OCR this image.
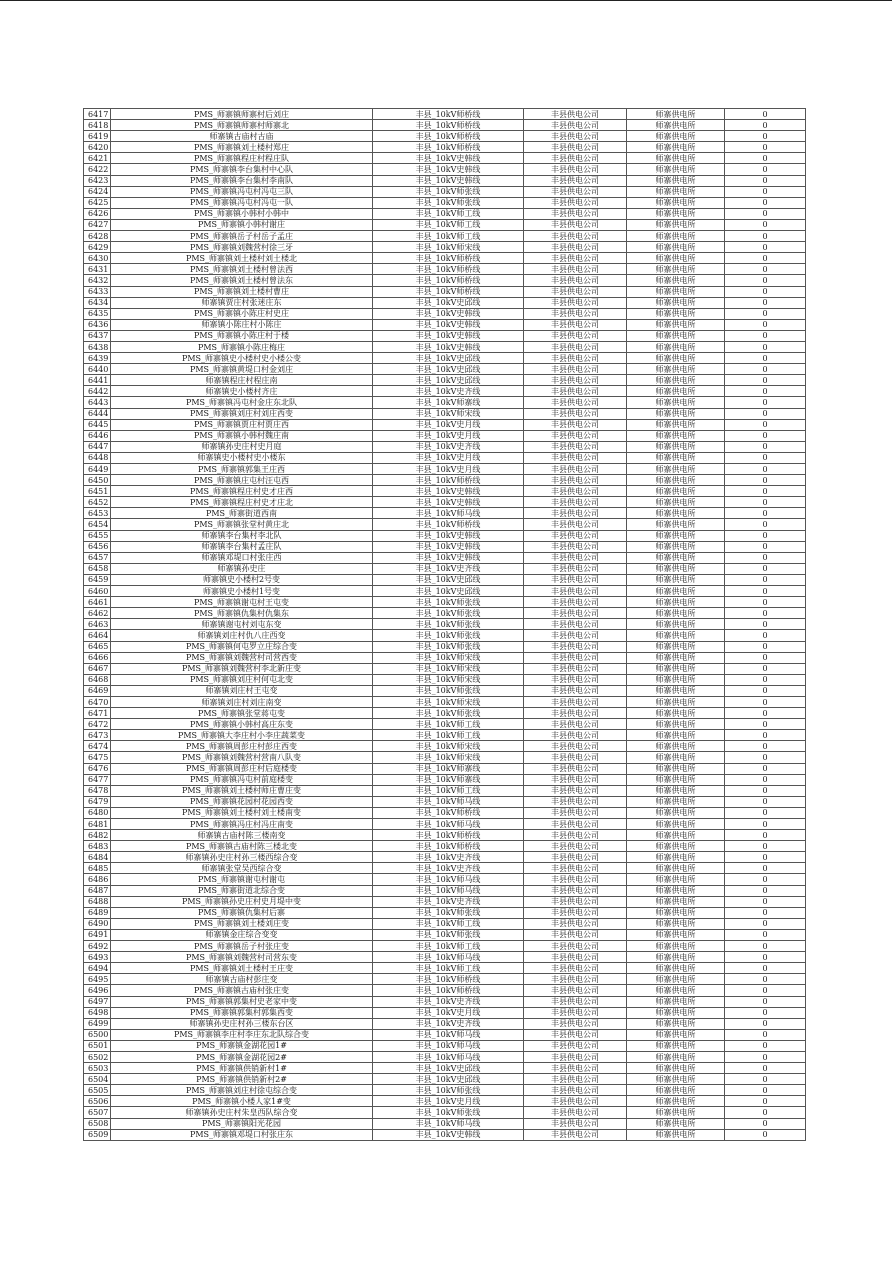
6417	PMS_师寨镇师寨村后刘庄	丰县_10kV师桥线	丰县供电公司	师寨供电所	0
6418	PMS_师寨镇师寨村师寨北	丰县_10kV师桥线	丰县供电公司	师寨供电所	0
6419	师寨镇古庙村古庙	丰县_10kV师桥线	丰县供电公司	师寨供电所	0
6420	PMS_师寨镇刘土楼村郑庄	丰县_10kV师桥线	丰县供电公司	师寨供电所	0
6421	PMS_师寨镇程庄村程庄队	丰县_10kV史韩线	丰县供电公司	师寨供电所	0
6422	PMS_师寨镇李台集村中心队	丰县_10kV史韩线	丰县供电公司	师寨供电所	0
6423	PMS_师寨镇李台集村李南队	丰县_10kV史韩线	丰县供电公司	师寨供电所	0
6424	PMS_师寨镇冯屯村冯屯三队	丰县_10kV师张线	丰县供电公司	师寨供电所	0
6425	PMS_师寨镇冯屯村冯屯一队	丰县_10kV师张线	丰县供电公司	师寨供电所	0
6426	PMS_师寨镇小韩村小韩中	丰县_10kV师工线	丰县供电公司	师寨供电所	0
6427	PMS_师寨镇小韩村谢庄	丰县_10kV师工线	丰县供电公司	师寨供电所	0
6428	PMS_师寨镇岳子村岳子孟庄	丰县_10kV师工线	丰县供电公司	师寨供电所	0
6429	PMS_师寨镇刘魏营村徐三牙	丰县_10kV师宋线	丰县供电公司	师寨供电所	0
6430	PMS_师寨镇刘土楼村刘土楼北	丰县_10kV师桥线	丰县供电公司	师寨供电所	0
6431	PMS_师寨镇刘土楼村曾法西	丰县_10kV师桥线	丰县供电公司	师寨供电所	0
6432	PMS_师寨镇刘土楼村曾法东	丰县_10kV师桥线	丰县供电公司	师寨供电所	0
6433	PMS_师寨镇刘土楼村曹庄	丰县_10kV师桥线	丰县供电公司	师寨供电所	0
6434	师寨镇贾庄村张迷庄东	丰县_10kV史邱线	丰县供电公司	师寨供电所	0
6435	PMS_师寨镇小陈庄村史庄	丰县_10kV史韩线	丰县供电公司	师寨供电所	0
6436	师寨镇小陈庄村小陈庄	丰县_10kV史韩线	丰县供电公司	师寨供电所	0
6437	PMS_师寨镇小陈庄村于楼	丰县_10kV史韩线	丰县供电公司	师寨供电所	0
6438	PMS_师寨镇小陈庄梅庄	丰县_10kV史韩线	丰县供电公司	师寨供电所	0
6439	PMS_师寨镇史小楼村史小楼公变	丰县_10kV史邱线	丰县供电公司	师寨供电所	0
6440	PMS_师寨镇黄堤口村金刘庄	丰县_10kV史邱线	丰县供电公司	师寨供电所	0
6441	师寨镇程庄村程庄南	丰县_10kV史邱线	丰县供电公司	师寨供电所	0
6442	师寨镇史小楼村齐庄	丰县_10kV史齐线	丰县供电公司	师寨供电所	0
6443	PMS_师寨镇冯屯村金庄东北队	丰县_10kV师寨线	丰县供电公司	师寨供电所	0
6444	PMS_师寨镇刘庄村刘庄西变	丰县_10kV师宋线	丰县供电公司	师寨供电所	0
6445	PMS_师寨镇贾庄村贾庄西	丰县_10kV史月线	丰县供电公司	师寨供电所	0
6446	PMS_师寨镇小韩村魏庄南	丰县_10kV史月线	丰县供电公司	师寨供电所	0
6447	师寨镇孙史庄村史月庭	丰县_10kV史齐线	丰县供电公司	师寨供电所	0
6448	师寨镇史小楼村史小楼东	丰县_10kV史月线	丰县供电公司	师寨供电所	0
6449	PMS_师寨镇郭集王庄西	丰县_10kV史月线	丰县供电公司	师寨供电所	0
6450	PMS_师寨镇庄屯村汪屯西	丰县_10kV师桥线	丰县供电公司	师寨供电所	0
6451	PMS_师寨镇程庄村史才庄西	丰县_10kV史韩线	丰县供电公司	师寨供电所	0
6452	PMS_师寨镇程庄村史才庄北	丰县_10kV史韩线	丰县供电公司	师寨供电所	0
6453	PMS_师寨街道西南	丰县_10kV师马线	丰县供电公司	师寨供电所	0
6454	PMS_师寨镇张堂村黄庄北	丰县_10kV师桥线	丰县供电公司	师寨供电所	0
6455	师寨镇李台集村李北队	丰县_10kV史韩线	丰县供电公司	师寨供电所	0
6456	师寨镇李台集村孟庄队	丰县_10kV史韩线	丰县供电公司	师寨供电所	0
6457	师寨镇邓堤口村张庄西	丰县_10kV史韩线	丰县供电公司	师寨供电所	0
6458	师寨镇孙史庄	丰县_10kV史齐线	丰县供电公司	师寨供电所	0
6459	师寨镇史小楼村2号变	丰县_10kV史邱线	丰县供电公司	师寨供电所	0
6460	师寨镇史小楼村1号变	丰县_10kV史邱线	丰县供电公司	师寨供电所	0
6461	PMS_师寨镇谢屯村王屯变	丰县_10kV师张线	丰县供电公司	师寨供电所	0
6462	PMS_师寨镇仇集村仇集东	丰县_10kV师张线	丰县供电公司	师寨供电所	0
6463	师寨镇谢屯村刘屯东变	丰县_10kV师张线	丰县供电公司	师寨供电所	0
6464	师寨镇刘庄村仇八庄西变	丰县_10kV师张线	丰县供电公司	师寨供电所	0
6465	PMS_师寨镇何屯罗立庄综合变	丰县_10kV师张线	丰县供电公司	师寨供电所	0
6466	PMS_师寨镇刘魏营村司营西变	丰县_10kV师宋线	丰县供电公司	师寨供电所	0
6467	PMS_师寨镇刘魏营村李北新庄变	丰县_10kV师宋线	丰县供电公司	师寨供电所	0
6468	PMS_师寨镇刘庄村何屯北变	丰县_10kV师宋线	丰县供电公司	师寨供电所	0
6469	师寨镇刘庄村王屯变	丰县_10kV师张线	丰县供电公司	师寨供电所	0
6470	师寨镇刘庄村刘庄南变	丰县_10kV师宋线	丰县供电公司	师寨供电所	0
6471	PMS_师寨镇张堂蒋屯变	丰县_10kV师张线	丰县供电公司	师寨供电所	0
6472	PMS_师寨镇小韩村高庄东变	丰县_10kV师工线	丰县供电公司	师寨供电所	0
6473	PMS_师寨镇大李庄村小李庄蔬菜变	丰县_10kV师工线	丰县供电公司	师寨供电所	0
6474	PMS_师寨镇周彭庄村彭庄西变	丰县_10kV师宋线	丰县供电公司	师寨供电所	0
6475	PMS_师寨镇刘魏营村营南八队变	丰县_10kV师宋线	丰县供电公司	师寨供电所	0
6476	PMS_师寨镇周彭庄村后庭楼变	丰县_10kV师寨线	丰县供电公司	师寨供电所	0
6477	PMS_师寨镇冯屯村前庭楼变	丰县_10kV师寨线	丰县供电公司	师寨供电所	0
6478	PMS_师寨镇刘土楼村师庄曹庄变	丰县_10kV师工线	丰县供电公司	师寨供电所	0
6479	PMS_师寨镇花园村花园西变	丰县_10kV师马线	丰县供电公司	师寨供电所	0
6480	PMS_师寨镇刘土楼村刘土楼南变	丰县_10kV师桥线	丰县供电公司	师寨供电所	0
6481	PMS_师寨镇冯庄村冯庄南变	丰县_10kV师马线	丰县供电公司	师寨供电所	0
6482	师寨镇古庙村陈三楼南变	丰县_10kV师桥线	丰县供电公司	师寨供电所	0
6483	PMS_师寨镇古庙村陈三楼北变	丰县_10kV师桥线	丰县供电公司	师寨供电所	0
6484	师寨镇孙史庄村孙三楼西综合变	丰县_10kV史齐线	丰县供电公司	师寨供电所	0
6485	师寨镇张堂吴西综合变	丰县_10kV史齐线	丰县供电公司	师寨供电所	0
6486	PMS_师寨镇谢屯村谢屯	丰县_10kV师马线	丰县供电公司	师寨供电所	0
6487	PMS_师寨街道北综合变	丰县_10kV师马线	丰县供电公司	师寨供电所	0
6488	PMS_师寨镇孙史庄村史月堤中变	丰县_10kV史齐线	丰县供电公司	师寨供电所	0
6489	PMS_师寨镇仇集村后寨	丰县_10kV师张线	丰县供电公司	师寨供电所	0
6490	PMS_师寨镇刘土楼刘庄变	丰县_10kV师工线	丰县供电公司	师寨供电所	0
6491	师寨镇金庄综合变变	丰县_10kV师张线	丰县供电公司	师寨供电所	0
6492	PMS_师寨镇岳子村张庄变	丰县_10kV师工线	丰县供电公司	师寨供电所	0
6493	PMS_师寨镇刘魏营村司营东变	丰县_10kV师马线	丰县供电公司	师寨供电所	0
6494	PMS_师寨镇刘土楼村王庄变	丰县_10kV师工线	丰县供电公司	师寨供电所	0
6495	师寨镇古庙村彭庄变	丰县_10kV师桥线	丰县供电公司	师寨供电所	0
6496	PMS_师寨镇古庙村张庄变	丰县_10kV师桥线	丰县供电公司	师寨供电所	0
6497	PMS_师寨镇郭集村史老家中变	丰县_10kV史齐线	丰县供电公司	师寨供电所	0
6498	PMS_师寨镇郭集村郭集西变	丰县_10kV史月线	丰县供电公司	师寨供电所	0
6499	师寨镇孙史庄村孙三楼东台区	丰县_10kV史齐线	丰县供电公司	师寨供电所	0
6500	PMS_师寨镇李庄村李庄东北队综合变	丰县_10kV师马线	丰县供电公司	师寨供电所	0
6501	PMS_师寨镇金湖花园1#	丰县_10kV师马线	丰县供电公司	师寨供电所	0
6502	PMS_师寨镇金湖花园2#	丰县_10kV师马线	丰县供电公司	师寨供电所	0
6503	PMS_师寨镇供销新村1#	丰县_10kV史邱线	丰县供电公司	师寨供电所	0
6504	PMS_师寨镇供销新村2#	丰县_10kV史邱线	丰县供电公司	师寨供电所	0
6505	PMS_师寨镇刘庄村徐屯综合变	丰县_10kV师张线	丰县供电公司	师寨供电所	0
6506	PMS_师寨镇小楼人家1#变	丰县_10kV史月线	丰县供电公司	师寨供电所	0
6507	师寨镇孙史庄村朱皇西队综合变	丰县_10kV师张线	丰县供电公司	师寨供电所	0
6508	PMS_师寨镇阳光花园	丰县_10kV师马线	丰县供电公司	师寨供电所	0
6509	PMS_师寨镇邓堤口村张庄东	丰县_10kV史韩线	丰县供电公司	师寨供电所	0
